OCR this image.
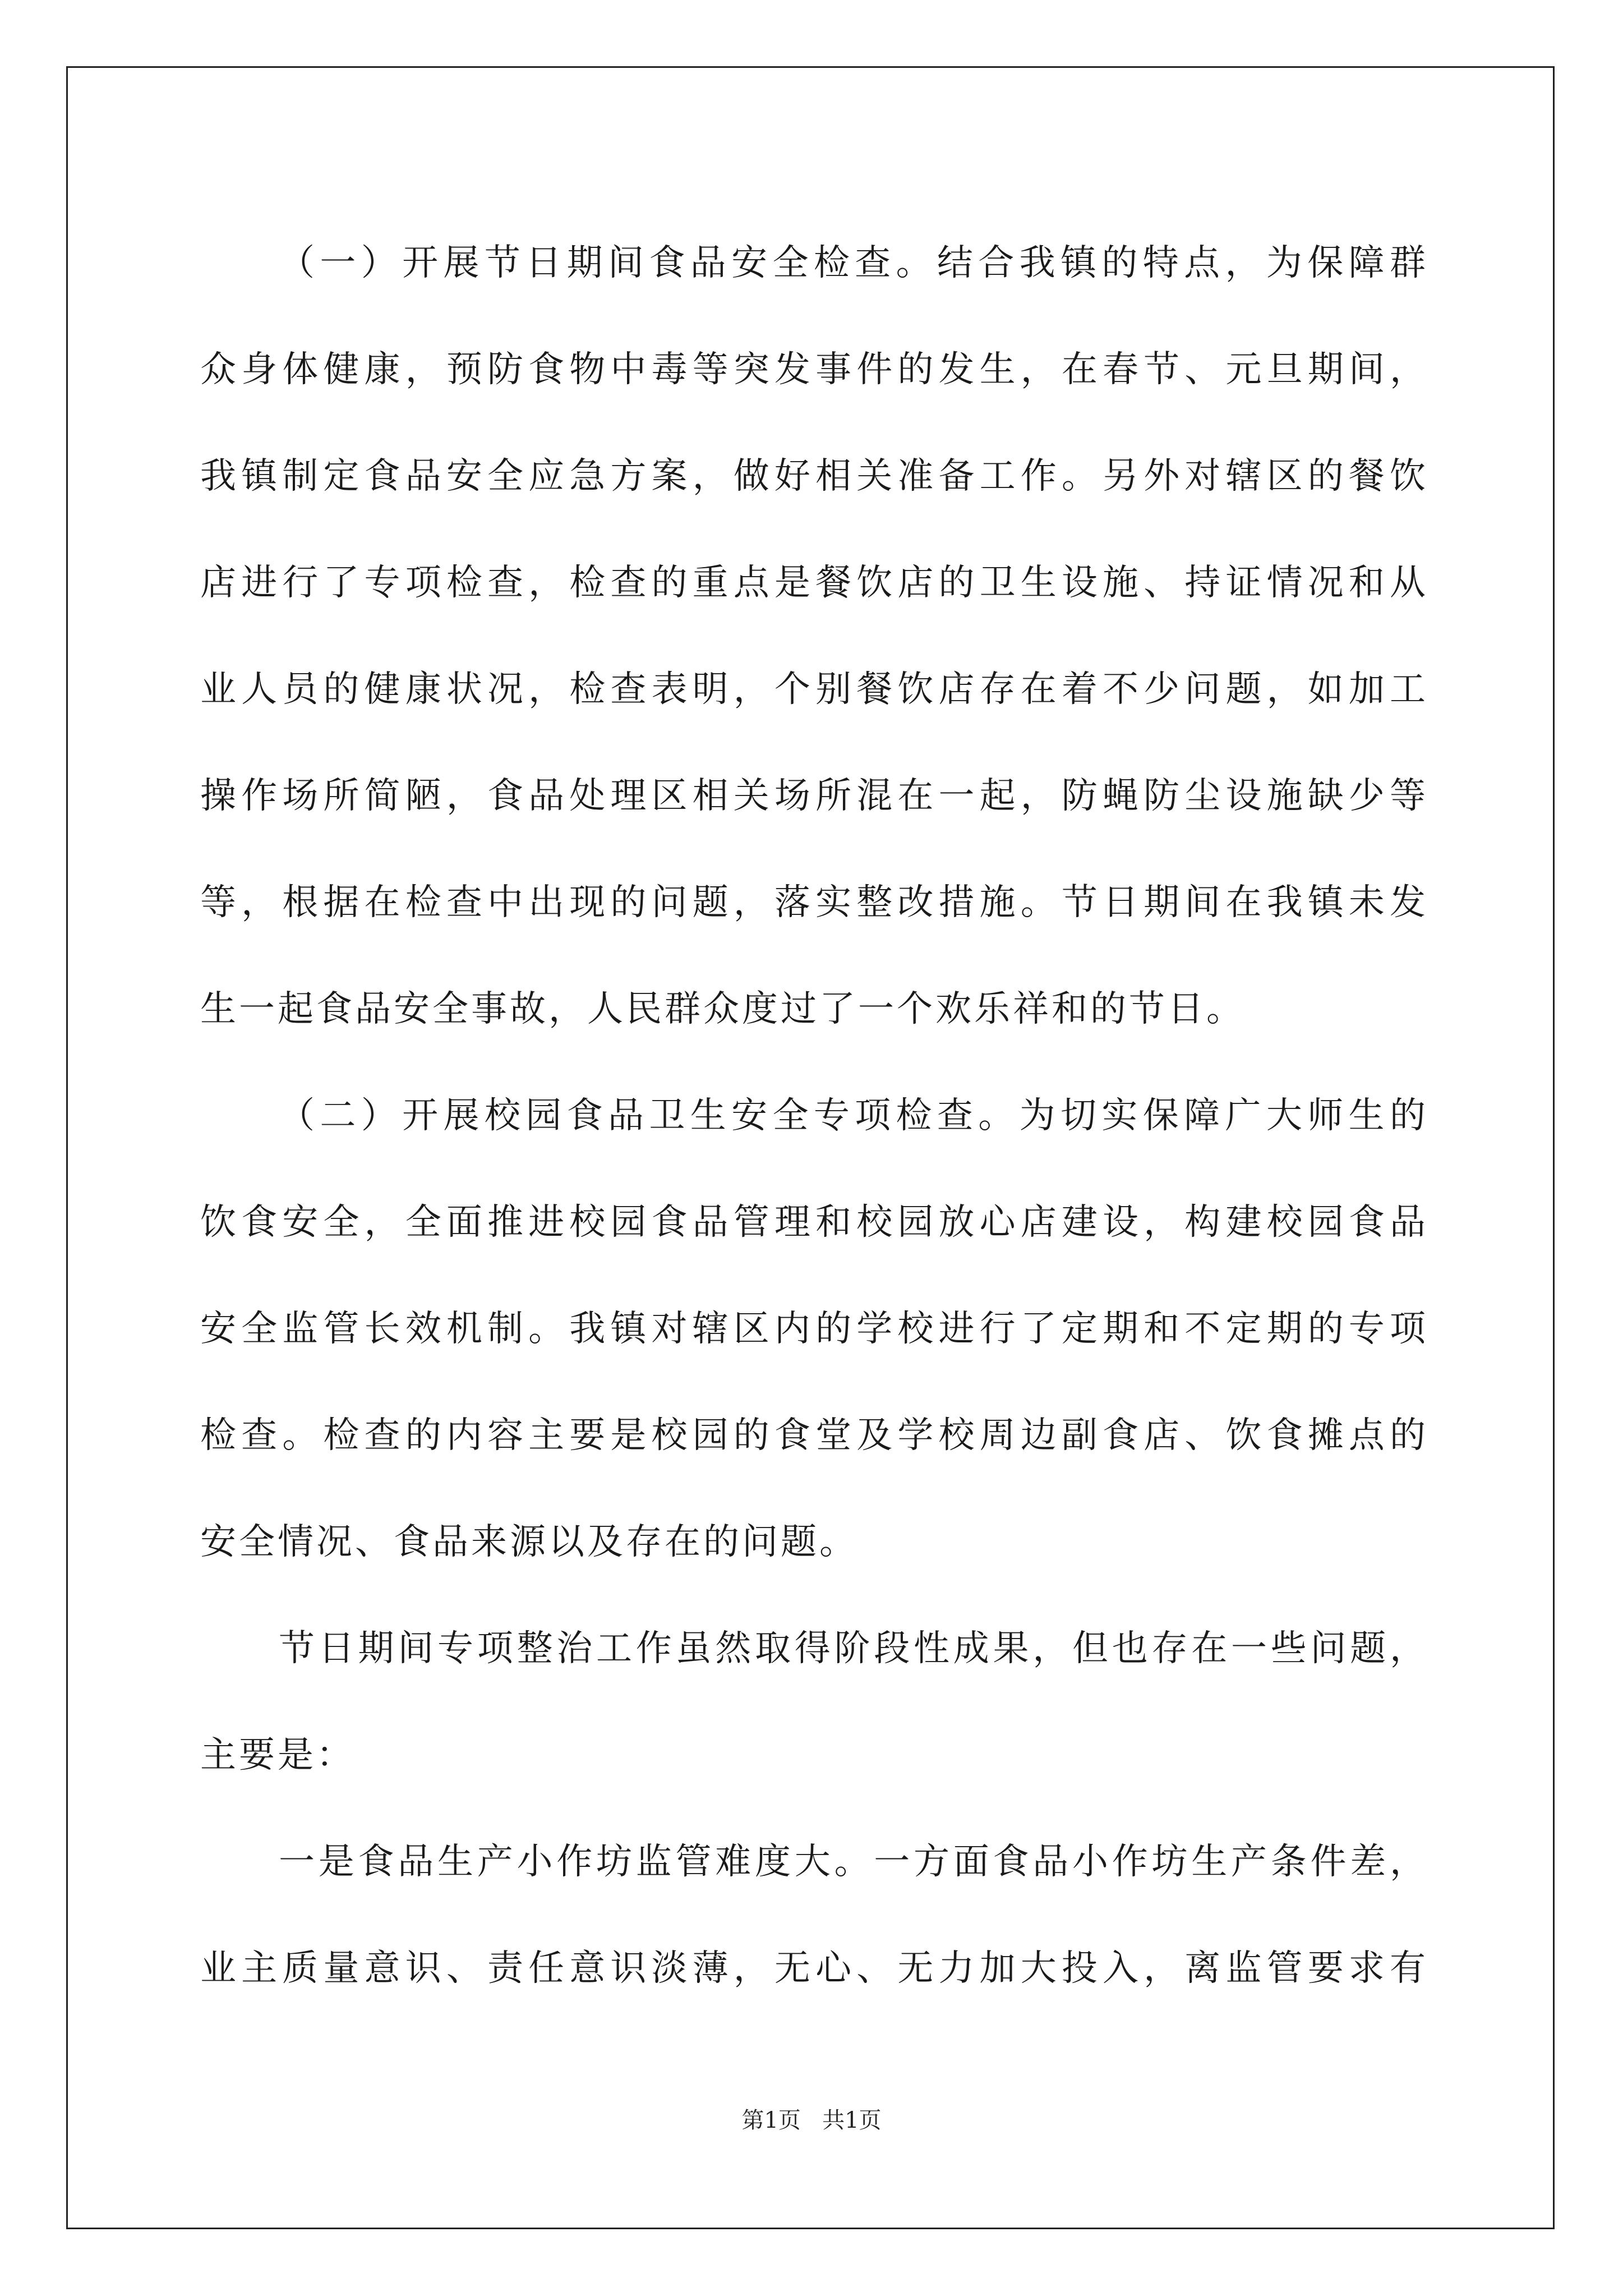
（一）开展节日期间食品安全检查。结合我镇的特点，为保障群
众身体健康，预防食物中毒等突发事件的发生，在春节、元旦期间，
我镇制定食品安全应急方案，做好相关准备工作。另外对辖区的餐饮
店进行了专项检查，检查的重点是餐饮店的卫生设施、持证情况和从
业人员的健康状况，检查表明，个别餐饮店存在着不少问题，如加工
操作场所简陋，食品处理区相关场所混在一起，防蝇防尘设施缺少等
等，根据在检查中出现的问题，落实整改措施。节日期间在我镇未发
生一起食品安全事故，人民群众度过了一个欢乐祥和的节日。
（二）开展校园食品卫生安全专项检查。为切实保障广大师生的
饮食安全，全面推进校园食品管理和校园放心店建设，构建校园食品
安全监管长效机制。我镇对辖区内的学校进行了定期和不定期的专项
检查。检查的内容主要是校园的食堂及学校周边副食店、饮食摊点的
安全情况、食品来源以及存在的问题。
节日期间专项整治工作虽然取得阶段性成果，但也存在一些问题，
主要是：
一是食品生产小作坊监管难度大。一方面食品小作坊生产条件差，
业主质量意识、责任意识淡薄，无心、无力加大投入，离监管要求有
第1页 共1页
